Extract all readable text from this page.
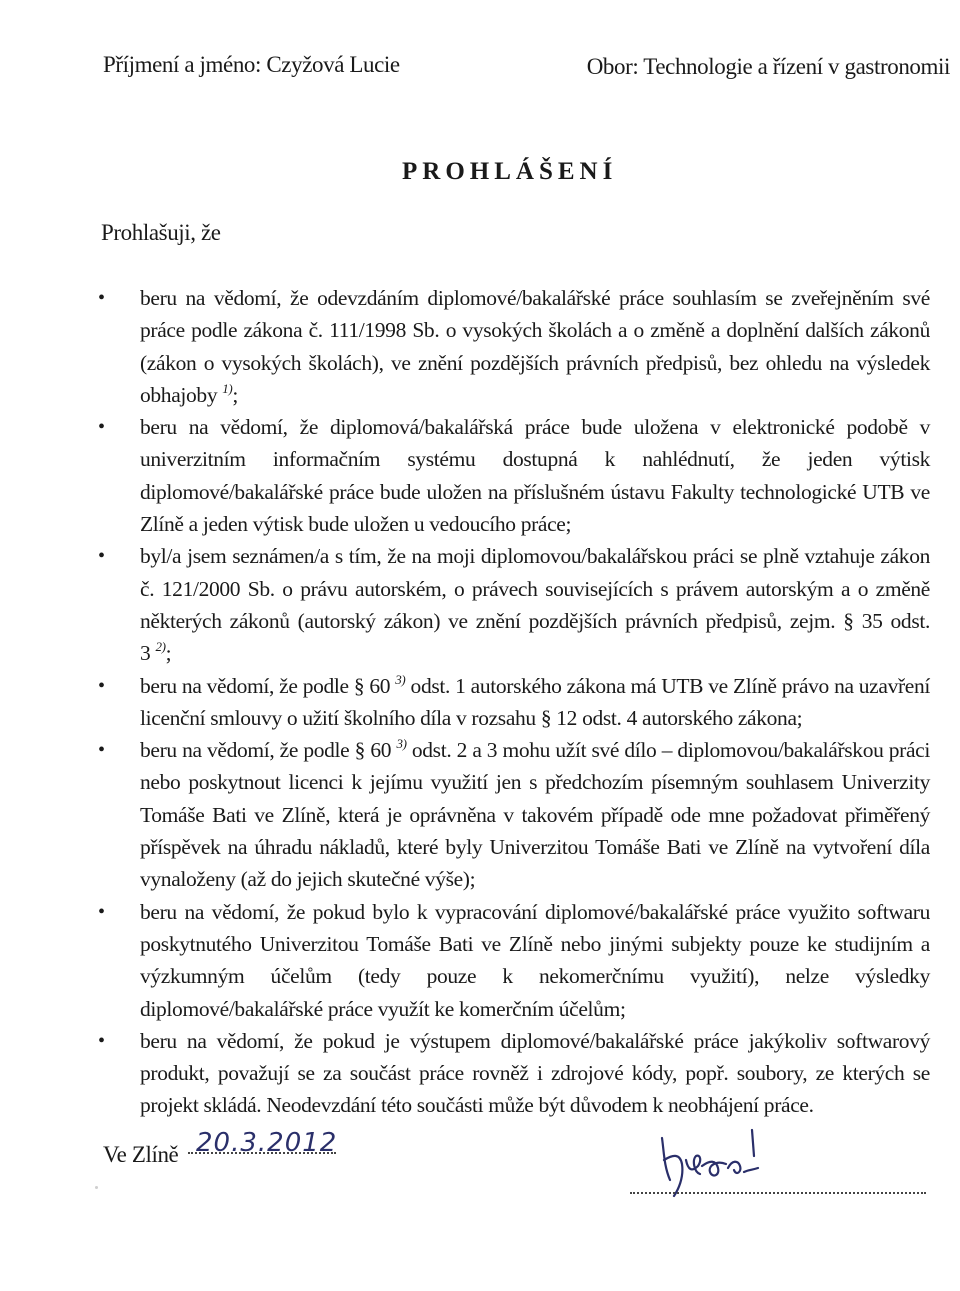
Příjmení a jméno: Czyžová Lucie	Obor: Technologie a řízení v gastronomii
PROHLÁŠENÍ
Prohlašuji, že
• beru na vědomí, že odevzdáním diplomové/bakalářské práce souhlasím se zveřejněním své práce podle zákona č. 111/1998 Sb. o vysokých školách a o změně a doplnění dalších zákonů (zákon o vysokých školách), ve znění pozdějších právních předpisů, bez ohledu na výsledek obhajoby $^{1)}$;
• beru na vědomí, že diplomová/bakalářská práce bude uložena v elektronické podobě v univerzitním informačním systému dostupná k nahlédnutí, že jeden výtisk diplomové/bakalářské práce bude uložen na příslušném ústavu Fakulty technologické UTB ve Zlíně a jeden výtisk bude uložen u vedoucího práce;
• byl/a jsem seznámen/a s tím, že na moji diplomovou/bakalářskou práci se plně vztahuje zákon č. 121/2000 Sb. o právu autorském, o právech souvisejících s právem autorským a o změně některých zákonů (autorský zákon) ve znění pozdějších právních předpisů, zejm. § 35 odst. 3 $^{2)}$;
• beru na vědomí, že podle § 60 $^{3)}$ odst. 1 autorského zákona má UTB ve Zlíně právo na uzavření licenční smlouvy o užití školního díla v rozsahu § 12 odst. 4 autorského zákona;
• beru na vědomí, že podle § 60 $^{3)}$ odst. 2 a 3 mohu užít své dílo – diplomovou/bakalářskou práci nebo poskytnout licenci k jejímu využití jen s předchozím písemným souhlasem Univerzity Tomáše Bati ve Zlíně, která je oprávněna v takovém případě ode mne požadovat přiměřený příspěvek na úhradu nákladů, které byly Univerzitou Tomáše Bati ve Zlíně na vytvoření díla vynaloženy (až do jejich skutečné výše);
• beru na vědomí, že pokud bylo k vypracování diplomové/bakalářské práce využito softwaru poskytnutého Univerzitou Tomáše Bati ve Zlíně nebo jinými subjekty pouze ke studijním a výzkumným účelům (tedy pouze k nekomerčnímu využití), nelze výsledky diplomové/bakalářské práce využít ke komerčním účelům;
• beru na vědomí, že pokud je výstupem diplomové/bakalářské práce jakýkoliv softwarový produkt, považují se za součást práce rovněž i zdrojové kódy, popř. soubory, ze kterých se projekt skládá. Neodevzdání této součásti může být důvodem k neobhájení práce.
Ve Zlíně 20.3.2012
